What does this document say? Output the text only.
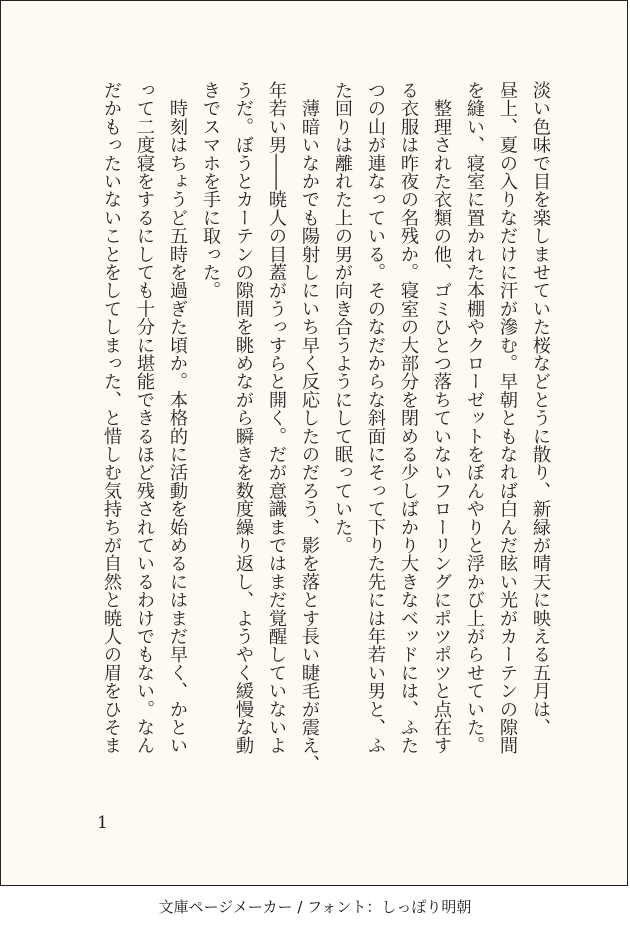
淡い色味で目を楽しませていた桜などとうに散り、新緑が晴天に映える五月は、

昼上、夏の入りなだけに汗が滲む。早朝ともなれば白んだ眩い光がカーテンの隙間

を縫い、寝室に置かれた本棚やクローゼットをぼんやりと浮かび上がらせていた。

　整理された衣類の他、ゴミひとつ落ちていないフローリングにポツポツと点在す

る衣服は昨夜の名残か。寝室の大部分を閉める少しばかり大きなベッドには、ふた

つの山が連なっている。そのなだからな斜面にそって下りた先には年若い男と、ふ

た回りは離れた上の男が向き合うようにして眠っていた。

　薄暗いなかでも陽射しにいち早く反応したのだろう、影を落とす長い睫毛が震え、

年若い男――暁人の目蓋がうっすらと開く。だが意識まではまだ覚醒していないよ

うだ。ぼうとカーテンの隙間を眺めながら瞬きを数度繰り返し、ようやく緩慢な動

きでスマホを手に取った。

　時刻はちょうど五時を過ぎた頃か。本格的に活動を始めるにはまだ早く、かとい

って二度寝をするにしても十分に堪能できるほど残されているわけでもない。なん

だかもったいないことをしてしまった、と惜しむ気持ちが自然と暁人の眉をひそま

1
文庫ページメーカー / フォント：しっぽり明朝
